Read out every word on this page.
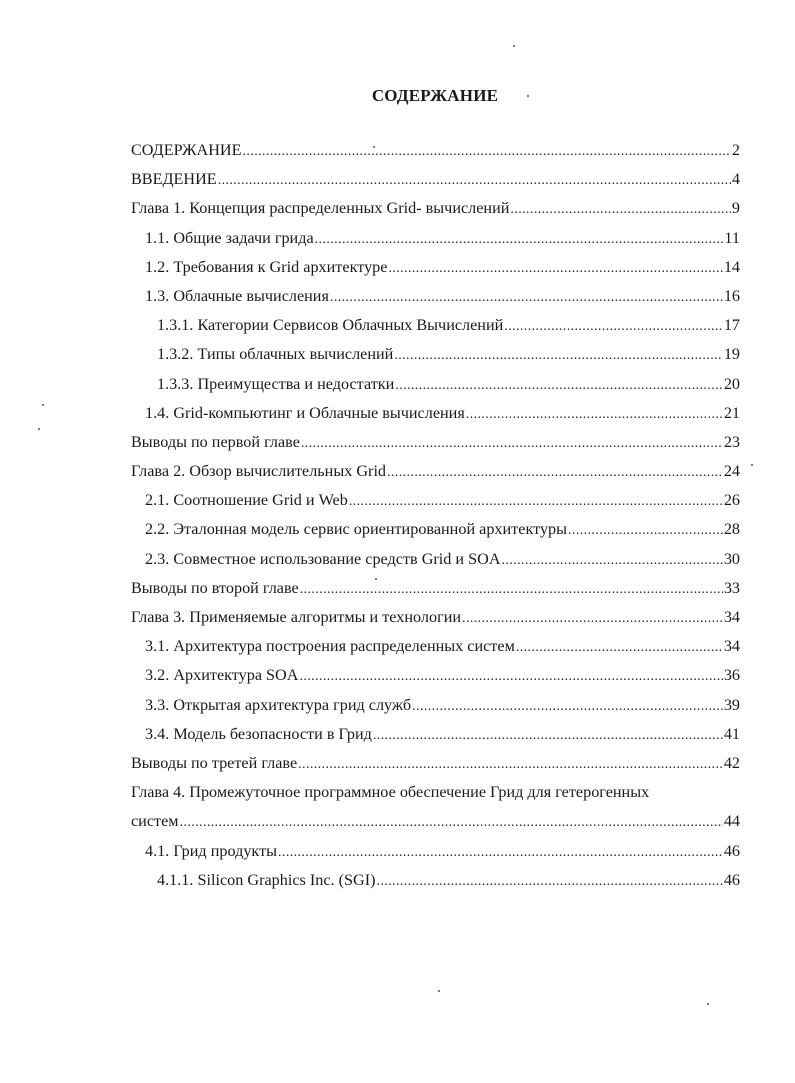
СОДЕРЖАНИЕ
СОДЕРЖАНИЕ .....	2
ВВЕДЕНИЕ .....	4
Глава 1. Концепция распределенных Grid- вычислений .....	9
1.1. Общие задачи грида .....	11
1.2. Требования к Grid архитектуре .....	14
1.3. Облачные вычисления .....	16
1.3.1. Категории Сервисов Облачных Вычислений .....	17
1.3.2. Типы облачных вычислений .....	19
1.3.3. Преимущества и недостатки .....	20
1.4. Grid-компьютинг и Облачные вычисления .....	21
Выводы по первой главе .....	23
Глава 2. Обзор вычислительных Grid .....	24
2.1. Соотношение Grid и Web .....	26
2.2. Эталонная модель сервис ориентированной архитектуры .....	28
2.3. Совместное использование средств Grid и SOA .....	30
Выводы по второй главе .....	33
Глава 3. Применяемые алгоритмы и технологии .....	34
3.1. Архитектура построения распределенных систем .....	34
3.2. Архитектура SOA .....	36
3.3. Открытая архитектура грид служб .....	39
3.4. Модель безопасности в Грид .....	41
Выводы по третей главе .....	42
Глава 4. Промежуточное программное обеспечение Грид для гетерогенных
систем .....	44
4.1. Грид продукты .....	46
4.1.1. Silicon Graphics Inc. (SGI) .....	46
